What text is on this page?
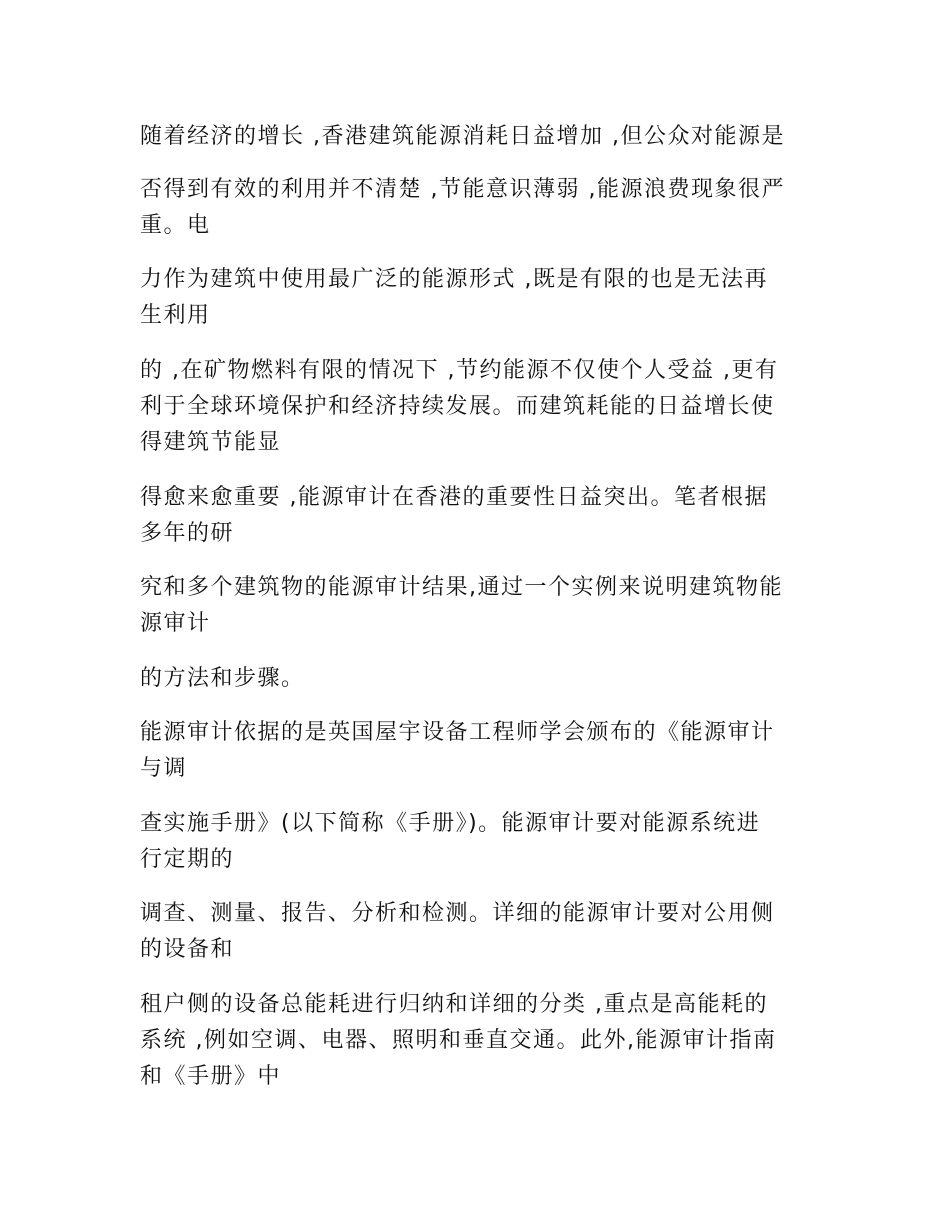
随着经济的增长 ,香港建筑能源消耗日益增加 ,但公众对能源是
否得到有效的利用并不清楚 ,节能意识薄弱 ,能源浪费现象很严
重。电
力作为建筑中使用最广泛的能源形式 ,既是有限的也是无法再
生利用
的 ,在矿物燃料有限的情况下 ,节约能源不仅使个人受益 ,更有
利于全球环境保护和经济持续发展。而建筑耗能的日益增长使
得建筑节能显
得愈来愈重要 ,能源审计在香港的重要性日益突出。笔者根据
多年的研
究和多个建筑物的能源审计结果,通过一个实例来说明建筑物能
源审计
的方法和步骤。
能源审计依据的是英国屋宇设备工程师学会颁布的《能源审计
与调
查实施手册》(以下简称《手册》)。能源审计要对能源系统进
行定期的
调查、测量、报告、分析和检测。详细的能源审计要对公用侧
的设备和
租户侧的设备总能耗进行归纳和详细的分类 ,重点是高能耗的
系统 ,例如空调、电器、照明和垂直交通。此外,能源审计指南
和《手册》中
